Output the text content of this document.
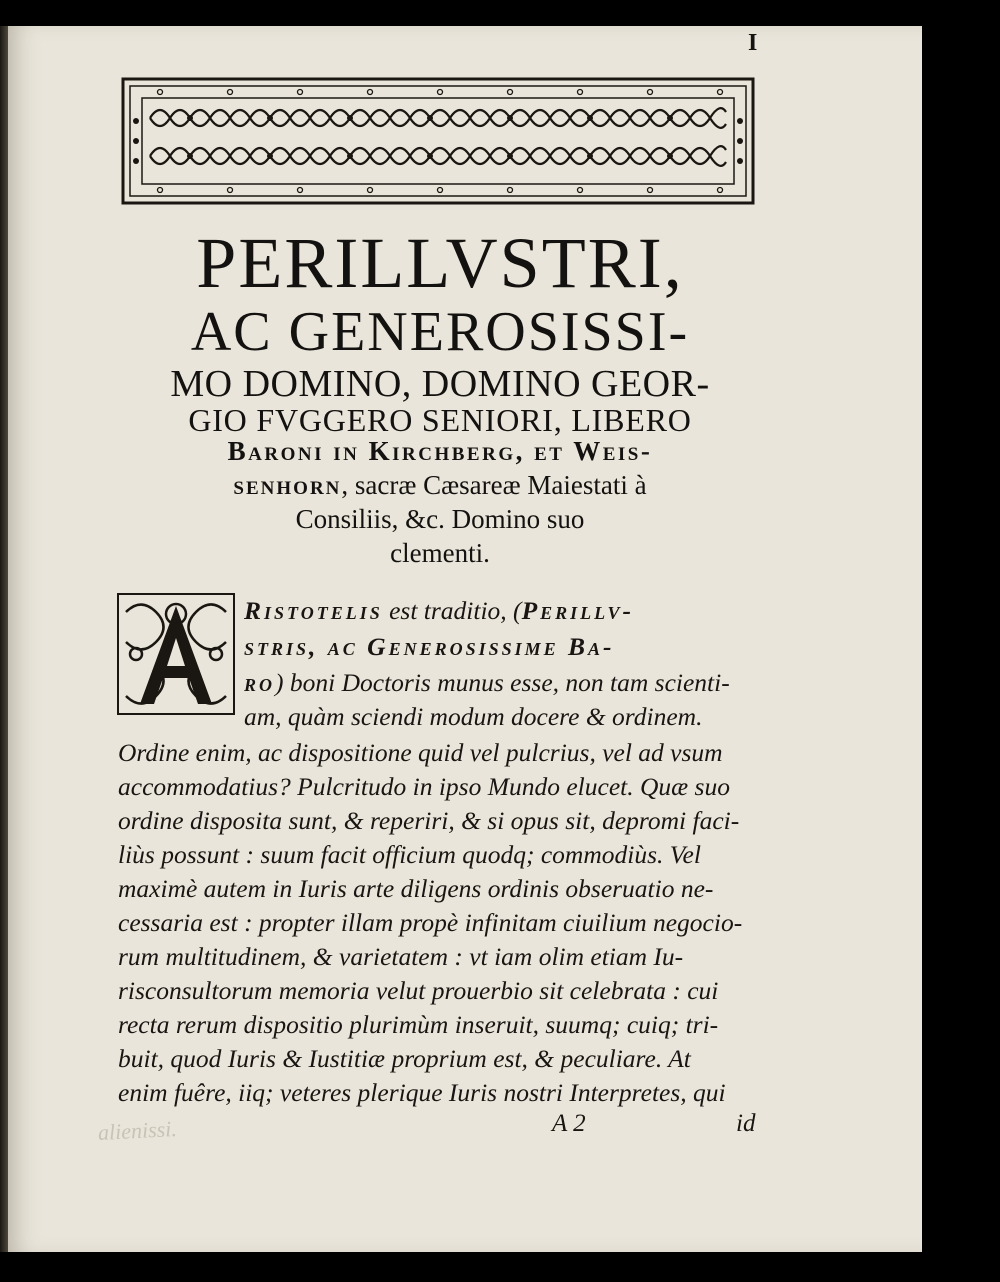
I
PERILLVSTRI,
AC GENEROSISSI-
MO DOMINO, DOMINO GEOR-
GIO FVGGERO SENIORI, LIBERO
Baroni in Kirchberg, et Weis-
senhorn, sacræ Cæsareæ Maiestati à
Consiliis, &c. Domino suo
clementi.
Ristotelis est traditio, (Perillv-
stris, ac Generosissime Ba-
ro) boni Doctoris munus esse, non tam scienti-
am, quàm sciendi modum docere & ordinem.
Ordine enim, ac dispositione quid vel pulcrius, vel ad vsum
accommodatius? Pulcritudo in ipso Mundo elucet. Quæ suo
ordine disposita sunt, & reperiri, & si opus sit, depromi faci-
liùs possunt : suum facit officium quodq; commodiùs. Vel
maximè autem in Iuris arte diligens ordinis obseruatio ne-
cessaria est : propter illam propè infinitam ciuilium negocio-
rum multitudinem, & varietatem : vt iam olim etiam Iu-
risconsultorum memoria velut prouerbio sit celebrata : cui
recta rerum dispositio plurimùm inseruit, suumq; cuiq; tri-
buit, quod Iuris & Iustitiæ proprium est, & peculiare. At
enim fuêre, iiq; veteres plerique Iuris nostri Interpretes, qui
alienissi.	A 2	id
